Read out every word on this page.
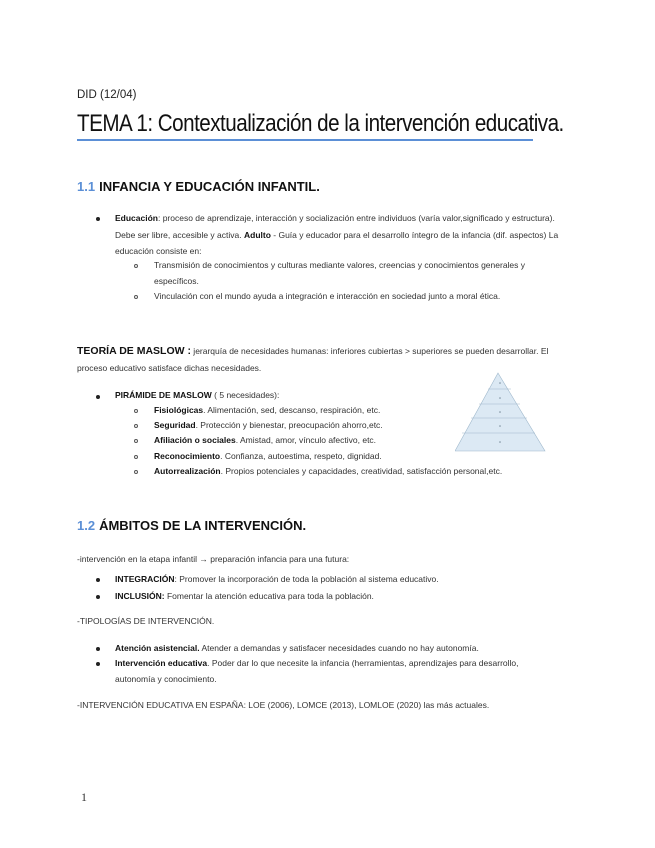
DID (12/04)
TEMA 1: Contextualización de la intervención educativa.
1.1 INFANCIA Y EDUCACIÓN INFANTIL.
Educación: proceso de aprendizaje, interacción y socialización entre individuos (varía valor,significado y estructura).
Debe ser libre, accesible y activa. Adulto - Guía y educador para el desarrollo íntegro de la infancia (dif. aspectos) La
educación consiste en:
Transmisión de conocimientos y culturas mediante valores, creencias y conocimientos generales y
específicos.
Vinculación con el mundo ayuda a integración e interacción en sociedad junto a moral ética.
TEORÍA DE MASLOW : jerarquía de necesidades humanas: inferiores cubiertas > superiores se pueden desarrollar. El
proceso educativo satisface dichas necesidades.
PIRÁMIDE DE MASLOW ( 5 necesidades):
Fisiológicas. Alimentación, sed, descanso, respiración, etc.
Seguridad. Protección y bienestar, preocupación ahorro,etc.
Afiliación o sociales. Amistad, amor, vínculo afectivo, etc.
Reconocimiento. Confianza, autoestima, respeto, dignidad.
Autorrealización. Propios potenciales y capacidades, creatividad, satisfacción personal,etc.
1.2 ÁMBITOS DE LA INTERVENCIÓN.
-intervención en la etapa infantil → preparación infancia para una futura:
INTEGRACIÓN: Promover la incorporación de toda la población al sistema educativo.
INCLUSIÓN: Fomentar la atención educativa para toda la población.
-TIPOLOGÍAS DE INTERVENCIÓN.
Atención asistencial. Atender a demandas y satisfacer necesidades cuando no hay autonomía.
Intervención educativa. Poder dar lo que necesite la infancia (herramientas, aprendizajes para desarrollo,
autonomía y conocimiento.
-INTERVENCIÓN EDUCATIVA EN ESPAÑA: LOE (2006), LOMCE (2013), LOMLOE (2020) las más actuales.
1
